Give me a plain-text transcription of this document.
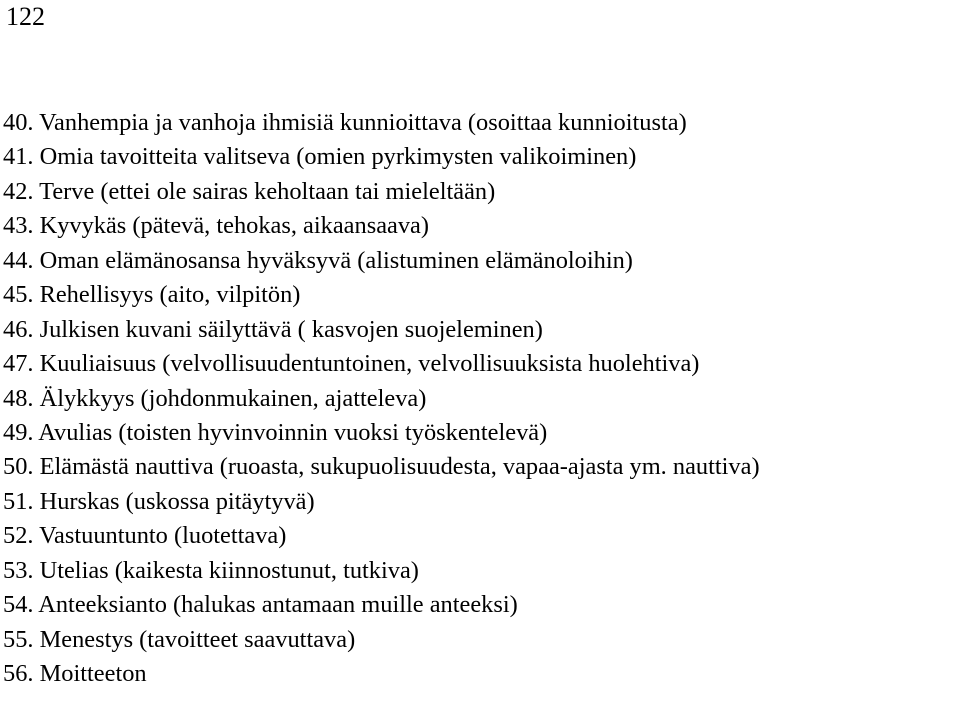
122
40. Vanhempia ja vanhoja ihmisiä kunnioittava (osoittaa kunnioitusta)
41. Omia tavoitteita valitseva (omien pyrkimysten valikoiminen)
42. Terve (ettei ole sairas keholtaan tai mieleltään)
43. Kyvykäs (pätevä, tehokas, aikaansaava)
44. Oman elämänosansa hyväksyvä (alistuminen elämänoloihin)
45. Rehellisyys (aito, vilpitön)
46. Julkisen kuvani säilyttävä ( kasvojen suojeleminen)
47. Kuuliaisuus (velvollisuudentuntoinen, velvollisuuksista huolehtiva)
48. Älykkyys (johdonmukainen, ajatteleva)
49. Avulias (toisten hyvinvoinnin vuoksi työskentelevä)
50. Elämästä nauttiva (ruoasta, sukupuolisuudesta, vapaa-ajasta ym. nauttiva)
51. Hurskas (uskossa pitäytyvä)
52. Vastuuntunto (luotettava)
53. Utelias (kaikesta kiinnostunut, tutkiva)
54. Anteeksianto (halukas antamaan muille anteeksi)
55. Menestys (tavoitteet saavuttava)
56. Moitteeton
